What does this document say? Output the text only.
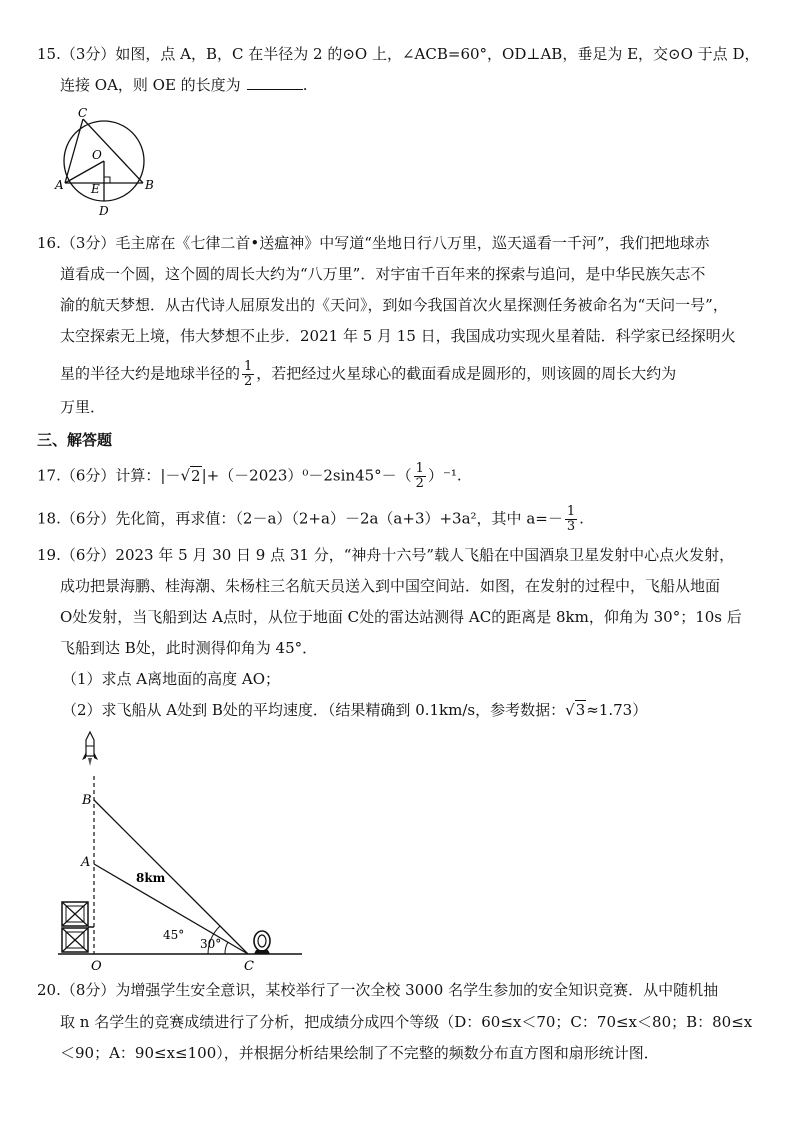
15.（3分）如图，点 A，B，C 在半径为 2 的⊙O 上，∠ACB=60°，OD⊥AB，垂足为 E，交⊙O 于点 D，
连接 OA，则 OE 的长度为	.
C
O
A E	B
D
16.（3分）毛主席在《七律二首•送瘟神》中写道“坐地日行八万里，巡天遥看一千河”，我们把地球赤
道看成一个圆，这个圆的周长大约为“八万里”．对宇宙千百年来的探索与追问，是中华民族矢志不
渝的航天梦想．从古代诗人屈原发出的《天问》，到如今我国首次火星探测任务被命名为“天问一号”，
太空探索无上境，伟大梦想不止步．2021 年 5 月 15 日，我国成功实现火星着陆．科学家已经探明火
星的半径大约是地球半径的 $\frac{1}{2}$ ，若把经过火星球心的截面看成是圆形的，则该圆的周长大约为
万里．
三、解答题
17.（6分）计算：$|-√2|+(-2023)^0-2\sin 45^\circ-( \frac{1}{2} )^{-1}$.
18.（6分）先化简，再求值：（2－a）（2+a）－2a（a+3）+3a²，其中 $a=- \frac{1}{3}$ .
19.（6分）2023 年 5 月 30 日 9 点 31 分，“神舟十六号”载人飞船在中国酒泉卫星发射中心点火发射，
成功把景海鹏、桂海潮、朱杨柱三名航天员送入到中国空间站．如图，在发射的过程中，飞船从地面
O处发射，当飞船到达 A点时，从位于地面 C处的雷达站测得 AC的距离是 8km，仰角为 30°；10s 后
飞船到达 B处，此时测得仰角为 45°．
（1）求点 A离地面的高度 AO；
（2）求飞船从 A处到 B处的平均速度．（结果精确到 0.1km/s，参考数据：√3≈1.73）
B
A
8km
45°
30°
O	C
20.（8分）为增强学生安全意识，某校举行了一次全校 3000 名学生参加的安全知识竞赛．从中随机抽
取 n 名学生的竞赛成绩进行了分析，把成绩分成四个等级（D：60≤x＜70；C：70≤x＜80；B：80≤x
＜90；A：90≤x≤100），并根据分析结果绘制了不完整的频数分布直方图和扇形统计图．
